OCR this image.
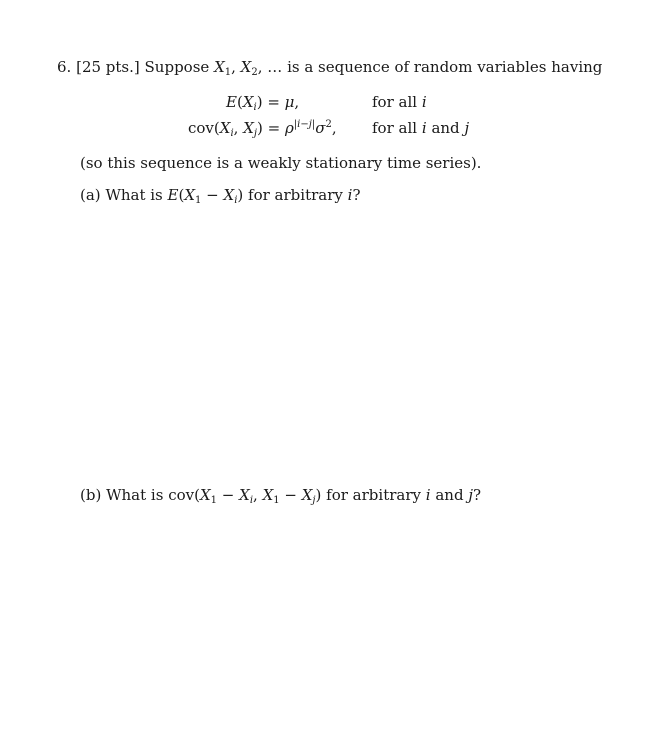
6. [25 pts.] Suppose $X_1$, $X_2$, … is a sequence of random variables having
$E(X_i) = \mu$,	for all i
$cov(X_i$, $X_j) = \rho^{|i-j|}\sigma^2$, for all i and j
(so this sequence is a weakly stationary time series).
(a) What is $E(X_1 - X_i)$ for arbitrary i?
(b) What is $cov(X_1 - X_i$, $X_1 - X_j$) for arbitrary i and j?
